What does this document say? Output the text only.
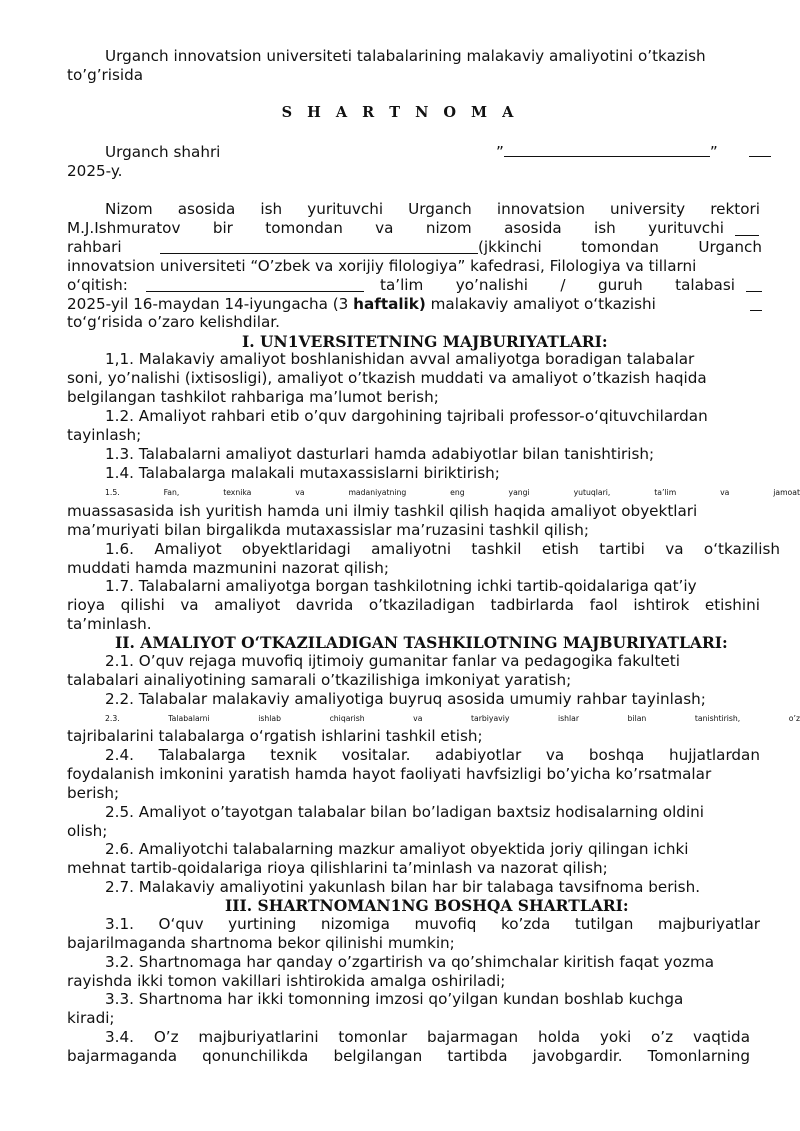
Urganch innovatsion universiteti talabalarining malakaviy amaliyotini o’tkazish
to’g’risida
S H A R T N O M A
Urganch shahri	”	”
2025-y.
Nizom asosida ish yurituvchi Urganch innovatsion university rektori
M.J.Ishmuratov bir tomondan va nizom asosida ish yurituvchi
rahbari	(jkkinchi tomondan Urganch
innovatsion universiteti “O’zbek va xorijiy filologiya” kafedrasi, Filologiya va tillarni
o‘qitish:	ta’lim yo’nalishi / guruh talabasi
2025-yil 16-maydan 14-iyungacha (3 haftalik) malakaviy amaliyot o‘tkazishi
to‘g‘risida o’zaro kelishdilar.
I. UN1VERSITETNING MAJBURIYATLARI:
1,1. Malakaviy amaliyot boshlanishidan avval amaliyotga boradigan talabalar
soni, yo’nalishi (ixtisosligi), amaliyot o’tkazish muddati va amaliyot o’tkazish haqida
belgilangan tashkilot rahbariga ma’lumot berish;
1.2. Amaliyot rahbari etib o’quv dargohining tajribali professor-o‘qituvchilardan
tayinlash;
1.3. Talabalarni amaliyot dasturlari hamda adabiyotlar bilan tanishtirish;
1.4. Talabalarga malakali mutaxassislarni biriktirish;
1.5. Fan, texnika va madaniyatning eng yangi yutuqlari, ta’lim va jamoat
muassasasida ish yuritish hamda uni ilmiy tashkil qilish haqida amaliyot obyektlari
ma’muriyati bilan birgalikda mutaxassislar ma’ruzasini tashkil qilish;
1.6. Amaliyot obyektlaridagi amaliyotni tashkil etish tartibi va o‘tkazilish
muddati hamda mazmunini nazorat qilish;
1.7. Talabalarni amaliyotga borgan tashkilotning ichki tartib-qoidalariga qat’iy
rioya qilishi va amaliyot davrida o’tkaziladigan tadbirlarda faol ishtirok etishini
ta’minlash.
II. AMALIYOT O‘TKAZILADIGAN TASHKILOTNING MAJBURIYATLARI:
2.1. O’quv rejaga muvofiq ijtimoiy gumanitar fanlar va pedagogika fakulteti
talabalari ainaliyotining samarali o’tkazilishiga imkoniyat yaratish;
2.2. Talabalar malakaviy amaliyotiga buyruq asosida umumiy rahbar tayinlash;
2.3. Talabalarni ishlab chiqarish va tarbiyaviy ishlar bilan tanishtirish, o’z
tajribalarini talabalarga o‘rgatish ishlarini tashkil etish;
2.4. Talabalarga texnik vositalar. adabiyotlar va boshqa hujjatlardan
foydalanish imkonini yaratish hamda hayot faoliyati havfsizligi bo’yicha ko’rsatmalar
berish;
2.5. Amaliyot o’tayotgan talabalar bilan bo’ladigan baxtsiz hodisalarning oldini
olish;
2.6. Amaliyotchi talabalarning mazkur amaliyot obyektida joriy qilingan ichki
mehnat tartib-qoidalariga rioya qilishlarini ta’minlash va nazorat qilish;
2.7. Malakaviy amaliyotini yakunlash bilan har bir talabaga tavsifnoma berish.
III. SHARTNOMAN1NG BOSHQA SHARTLARI:
3.1. O‘quv yurtining nizomiga muvofiq ko’zda tutilgan majburiyatlar
bajarilmaganda shartnoma bekor qilinishi mumkin;
3.2. Shartnomaga har qanday o’zgartirish va qo’shimchalar kiritish faqat yozma
rayishda ikki tomon vakillari ishtirokida amalga oshiriladi;
3.3. Shartnoma har ikki tomonning imzosi qo’yilgan kundan boshlab kuchga
kiradi;
3.4. O’z majburiyatlarini tomonlar bajarmagan holda yoki o’z vaqtida
bajarmaganda qonunchilikda belgilangan tartibda javobgardir. Tomonlarning
